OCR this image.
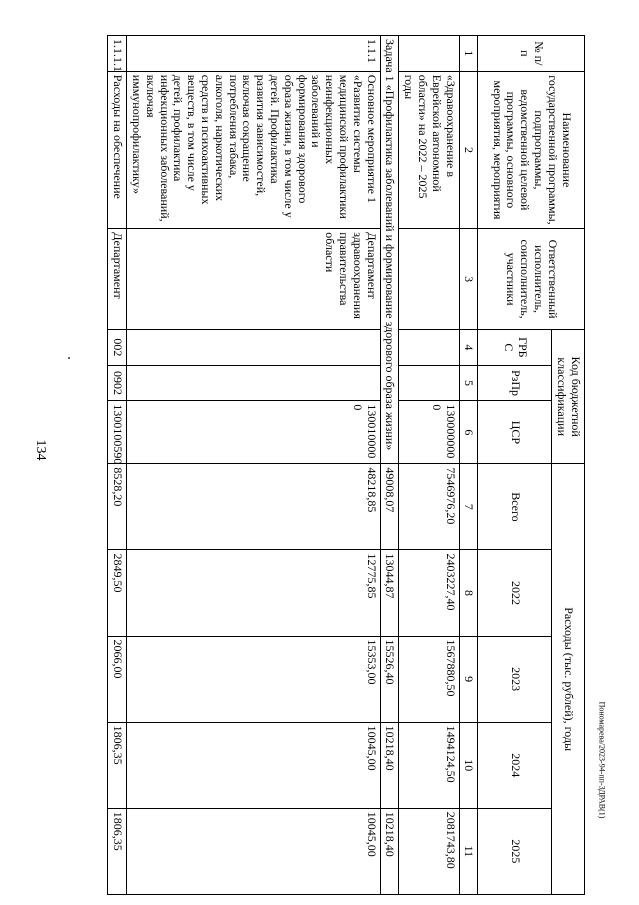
134
Пономарева/2023-94-пп-ЗДРАВ(1)
№ п/п	Наименование государственной программы, подпрограммы, ведомственной целевой программы, основного мероприятия, мероприятия	Ответственный исполнитель, соисполнитель, участники	Код бюджетной классификации			Расходы (тыс. рублей), годы				
			ГРБ С	РзПр	ЦСР	Всего	2022	2023	2024	2025
1	2	3	4	5	6	7	8	9	10	11
	«Здравоохранение в Еврейской автономной области» на 2022 – 2025 годы				1300000000	7546976,20	2403227,40	1567880,50	1494124,50	2081743,80
Задача 1 «Профилактика заболеваний и формирование здорового образа жизни»						49008,07	13044,87	15526,40	10218,40	10218,40
1.1.1	Основное мероприятие 1 «Развитие системы медицинской профилактики неинфекционных заболеваний и формирования здорового образа жизни, в том числе у детей. Профилактика развития зависимостей, включая сокращение потребления табака, алкоголя, наркотических средств и психоактивных веществ, в том числе у детей, профилактика инфекционных заболеваний, включая иммунопрофилактику»	Департамент здравоохранения правительства области			1300100000	48218,85	12775,85	15353,00	10045,00	10045,00
1.1.1.1	Расходы на обеспечение	Департамент	002	0902	1300100590	8528,20	2849,50	2066,00	1806,35	1806,35
